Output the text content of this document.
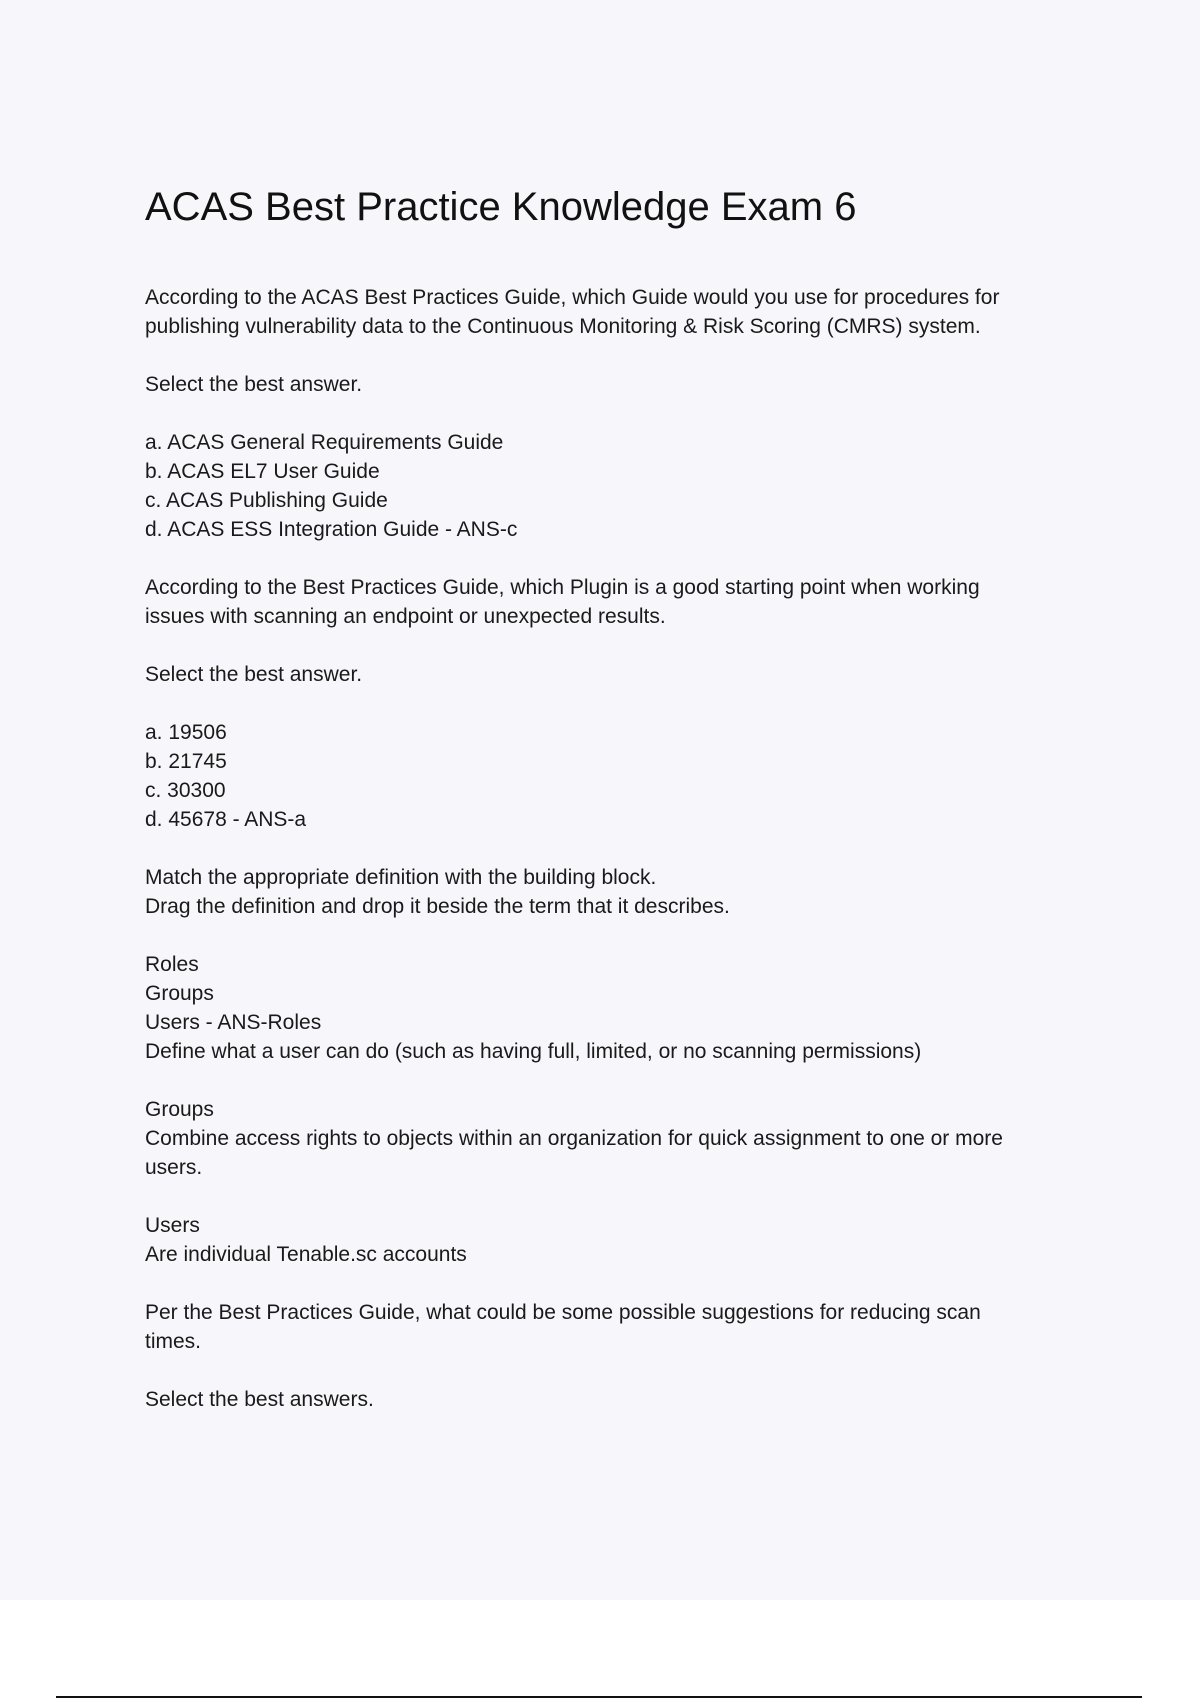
ACAS Best Practice Knowledge Exam 6
According to the ACAS Best Practices Guide, which Guide would you use for procedures for
publishing vulnerability data to the Continuous Monitoring & Risk Scoring (CMRS) system.
Select the best answer.
a. ACAS General Requirements Guide
b. ACAS EL7 User Guide
c. ACAS Publishing Guide
d. ACAS ESS Integration Guide - ANS-c
According to the Best Practices Guide, which Plugin is a good starting point when working
issues with scanning an endpoint or unexpected results.
Select the best answer.
a. 19506
b. 21745
c. 30300
d. 45678 - ANS-a
Match the appropriate definition with the building block.
Drag the definition and drop it beside the term that it describes.
Roles
Groups
Users - ANS-Roles
Define what a user can do (such as having full, limited, or no scanning permissions)
Groups
Combine access rights to objects within an organization for quick assignment to one or more
users.
Users
Are individual Tenable.sc accounts
Per the Best Practices Guide, what could be some possible suggestions for reducing scan
times.
Select the best answers.
